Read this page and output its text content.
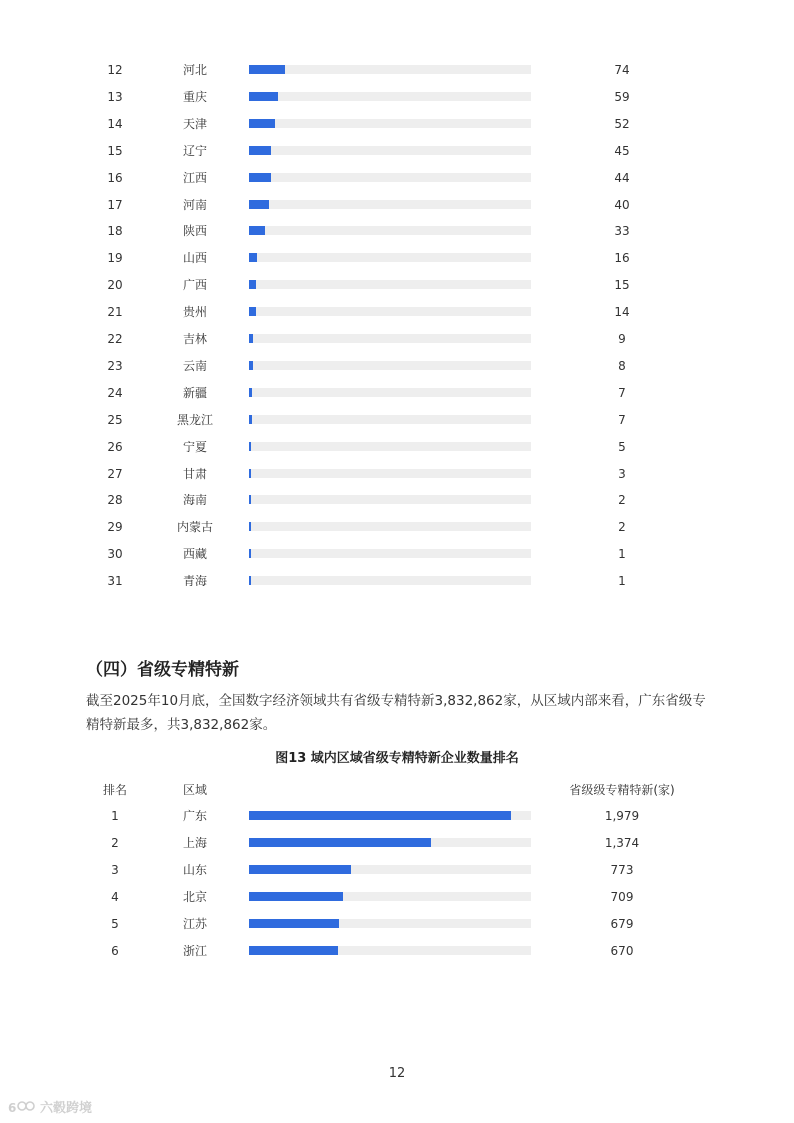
12	河北	74
13	重庆	59
14	天津	52
15	辽宁	45
16	江西	44
17	河南	40
18	陕西	33
19	山西	16
20	广西	15
21	贵州	14
22	吉林	9
23	云南	8
24	新疆	7
25	黑龙江	7
26	宁夏	5
27	甘肃	3
28	海南	2
29	内蒙古	2
30	西藏	1
31	青海	1
（四）省级专精特新

截至2025年10月底，全国数字经济领域共有省级专精特新3,832,862家，从区域内部来看，广东省级专精特新最多，共3,832,862家。

图13 域内区域省级专精特新企业数量排名
排名	区域	省级级专精特新(家)
1	广东	1,979
2	上海	1,374
3	山东	773
4	北京	709
5	江苏	679
6	浙江	670
12
6 六毂跨境
